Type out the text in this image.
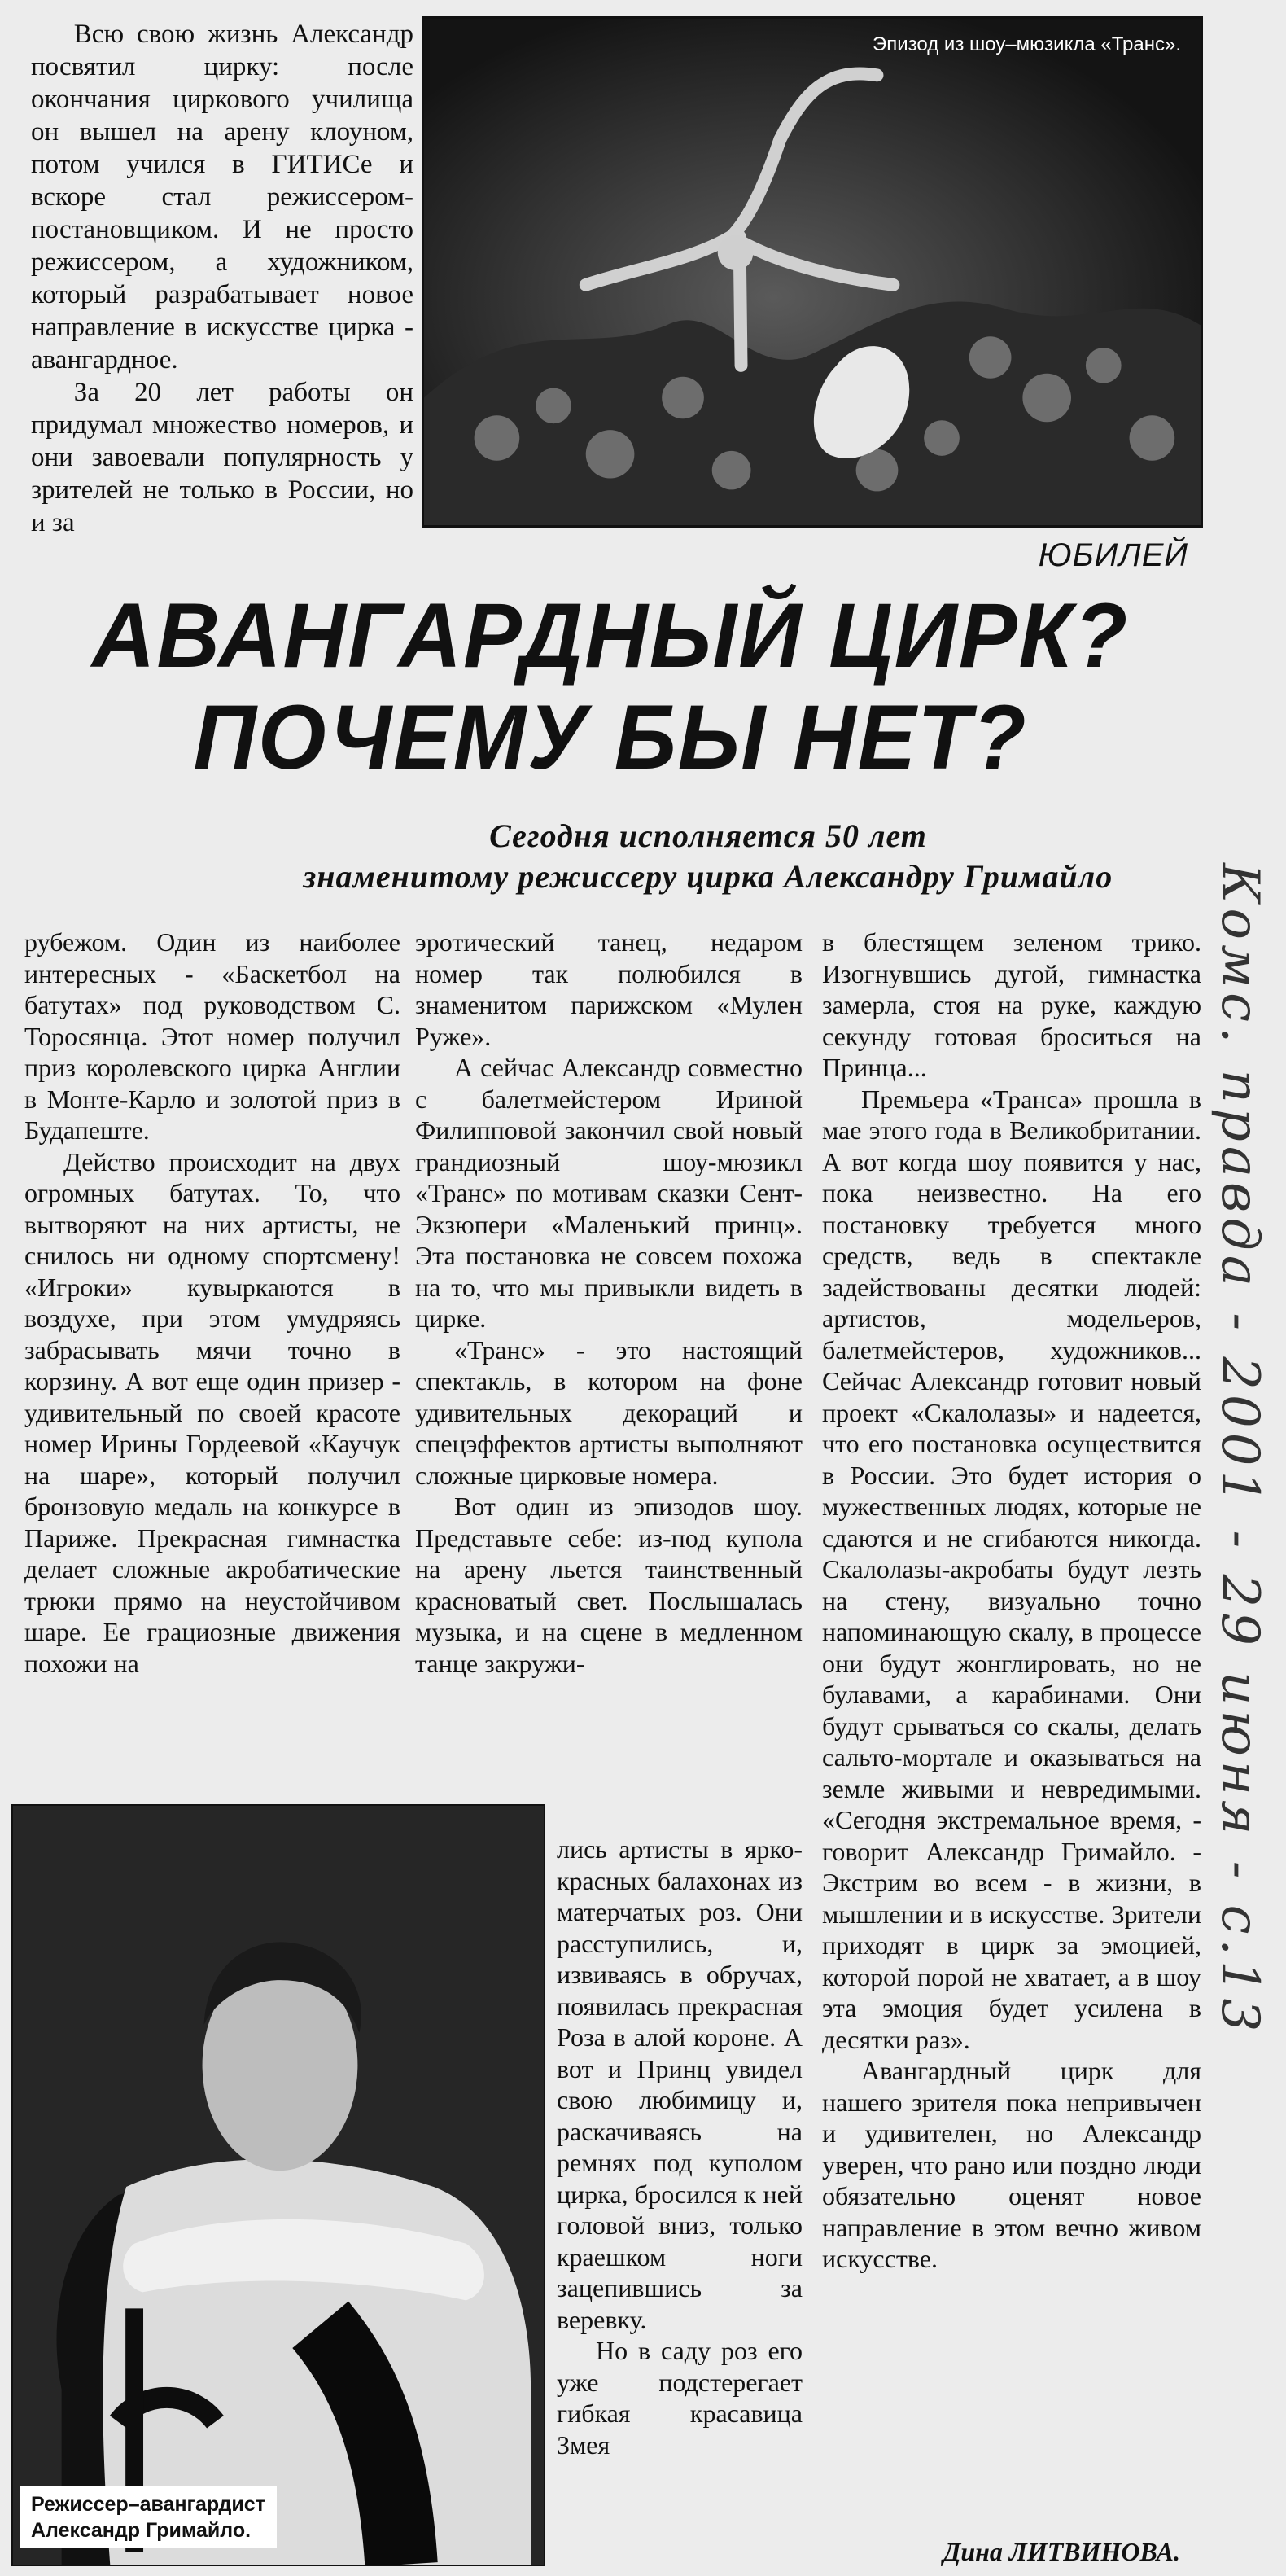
Всю свою жизнь Александр посвятил цирку: после окончания циркового училища он вышел на арену клоуном, потом учился в ГИТИСе и вскоре стал режиссером-постановщиком. И не просто режиссером, а художником, который разрабатывает новое направление в искусстве цирка - авангардное.

За 20 лет работы он придумал множество номеров, и они завоевали популярность у зрителей не только в России, но и за

Эпизод из шоу–мюзикла «Транс».
ЮБИЛЕЙ
АВАНГАРДНЫЙ ЦИРК?
ПОЧЕМУ БЫ НЕТ?
Сегодня исполняется 50 лет
знаменитому режиссеру цирка Александру Гримайло

рубежом. Один из наиболее интересных - «Баскетбол на батутах» под руководством С. Торосянца. Этот номер получил приз королевского цирка Англии в Монте-Карло и золотой приз в Будапеште.

Действо происходит на двух огромных батутах. То, что вытворяют на них артисты, не снилось ни одному спортсмену! «Игроки» кувыркаются в воздухе, при этом умудряясь забрасывать мячи точно в корзину. А вот еще один призер - удивительный по своей красоте номер Ирины Гордеевой «Каучук на шаре», который получил бронзовую медаль на конкурсе в Париже. Прекрасная гимнастка делает сложные акробатические трюки прямо на неустойчивом шаре. Ее грациозные движения похожи на

эротический танец, недаром номер так полюбился в знаменитом парижском «Мулен Руже».

А сейчас Александр совместно с балетмейстером Ириной Филипповой закончил свой новый грандиозный шоу-мюзикл «Транс» по мотивам сказки Сент-Экзюпери «Маленький принц». Эта постановка не совсем похожа на то, что мы привыкли видеть в цирке.

«Транс» - это настоящий спектакль, в котором на фоне удивительных декораций и спецэффектов артисты выполняют сложные цирковые номера.

Вот один из эпизодов шоу. Представьте себе: из-под купола на арену льется таинственный красноватый свет. Послышалась музыка, и на сцене в медленном танце закружи-

лись артисты в ярко-красных балахонах из матерчатых роз. Они расступились, и, извиваясь в обручах, появилась прекрасная Роза в алой короне. А вот и Принц увидел свою любимицу и, раскачиваясь на ремнях под куполом цирка, бросился к ней головой вниз, только краешком ноги зацепившись за веревку.

Но в саду роз его уже подстерегает гибкая красавица Змея

в блестящем зеленом трико. Изогнувшись дугой, гимнастка замерла, стоя на руке, каждую секунду готовая броситься на Принца...

Премьера «Транса» прошла в мае этого года в Великобритании. А вот когда шоу появится у нас, пока неизвестно. На его постановку требуется много средств, ведь в спектакле задействованы десятки людей: артистов, модельеров, балетмейстеров, художников... Сейчас Александр готовит новый проект «Скалолазы» и надеется, что его постановка осуществится в России. Это будет история о мужественных людях, которые не сдаются и не сгибаются никогда. Скалолазы-акробаты будут лезть на стену, визуально точно напоминающую скалу, в процессе они будут жонглировать, но не булавами, а карабинами. Они будут срываться со скалы, делать сальто-мортале и оказываться на земле живыми и невредимыми. «Сегодня экстремальное время, - говорит Александр Гримайло. - Экстрим во всем - в жизни, в мышлении и в искусстве. Зрители приходят в цирк за эмоцией, которой порой не хватает, а в шоу эта эмоция будет усилена в десятки раз».

Авангардный цирк для нашего зрителя пока непривычен и удивителен, но Александр уверен, что рано или поздно люди обязательно оценят новое направление в этом вечно живом искусстве.

Режиссер–авангардист
Александр Гримайло.
Дина ЛИТВИНОВА.
Комс. правда - 2001 - 29 июня - с.13
